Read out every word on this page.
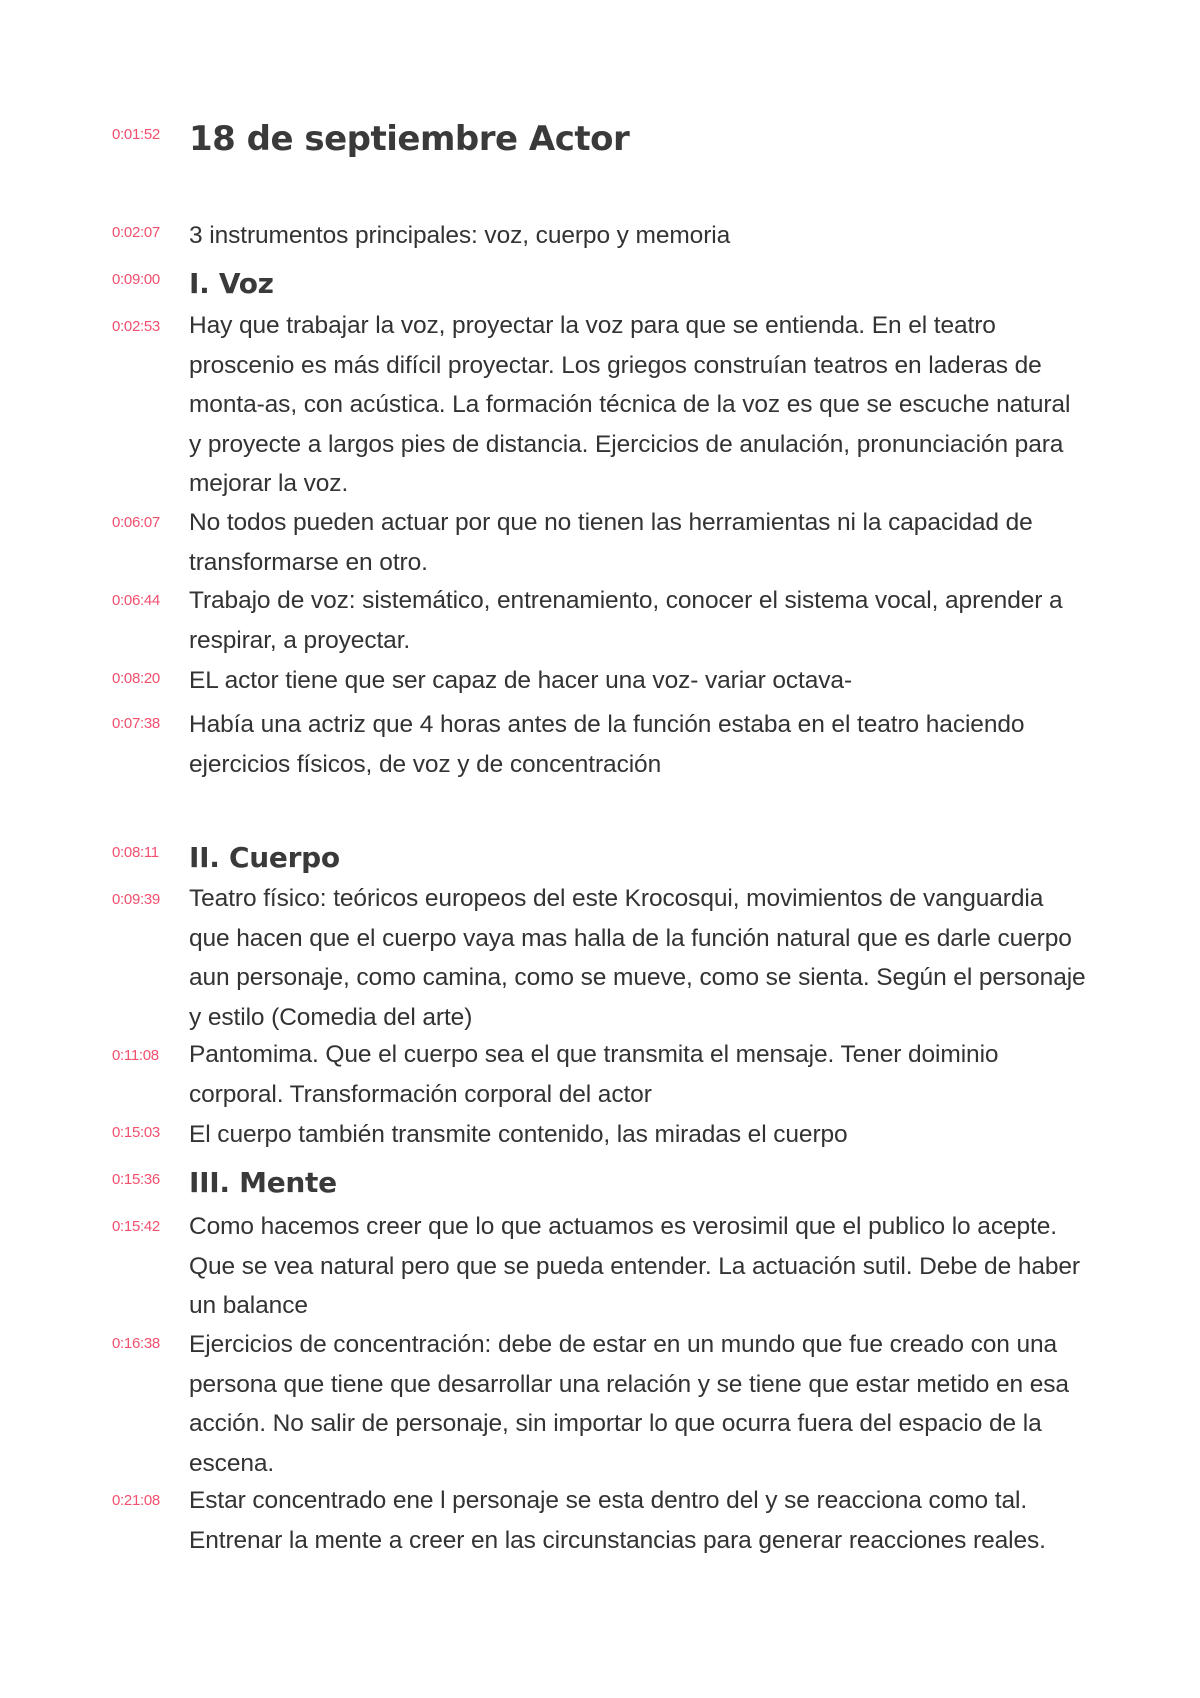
0:01:52 18 de septiembre Actor
0:02:07	3 instrumentos principales: voz, cuerpo y memoria
0:09:00	I. Voz
0:02:53	Hay que trabajar la voz, proyectar la voz para que se entienda. En el teatro proscenio es más difícil proyectar. Los griegos construían teatros en laderas de monta-as, con acústica. La formación técnica de la voz es que se escuche natural y proyecte a largos pies de distancia. Ejercicios de anulación, pronunciación para mejorar la voz.
0:06:07	No todos pueden actuar por que no tienen las herramientas ni la capacidad de transformarse en otro.
0:06:44	Trabajo de voz: sistemático, entrenamiento, conocer el sistema vocal, aprender a respirar, a proyectar.
0:08:20	EL actor tiene que ser capaz de hacer una voz- variar octava-
0:07:38	Había una actriz que 4 horas antes de la función estaba en el teatro haciendo ejercicios físicos, de voz y de concentración
0:08:11	II. Cuerpo
0:09:39	Teatro físico: teóricos europeos del este Krocosqui, movimientos de vanguardia que hacen que el cuerpo vaya mas halla de la función natural que es darle cuerpo aun personaje, como camina, como se mueve, como se sienta. Según el personaje y estilo (Comedia del arte)
0:11:08	Pantomima. Que el cuerpo sea el que transmita el mensaje. Tener doiminio corporal. Transformación corporal del actor
0:15:03	El cuerpo también transmite contenido, las miradas el cuerpo
0:15:36	III. Mente
0:15:42	Como hacemos creer que lo que actuamos es verosimil que el publico lo acepte. Que se vea natural pero que se pueda entender. La actuación sutil. Debe de haber un balance
0:16:38	Ejercicios de concentración: debe de estar en un mundo que fue creado con una persona que tiene que desarrollar una relación y se tiene que estar metido en esa acción. No salir de personaje, sin importar lo que ocurra fuera del espacio de la escena.
0:21:08	Estar concentrado ene l personaje se esta dentro del y se reacciona como tal. Entrenar la mente a creer en las circunstancias para generar reacciones reales.
